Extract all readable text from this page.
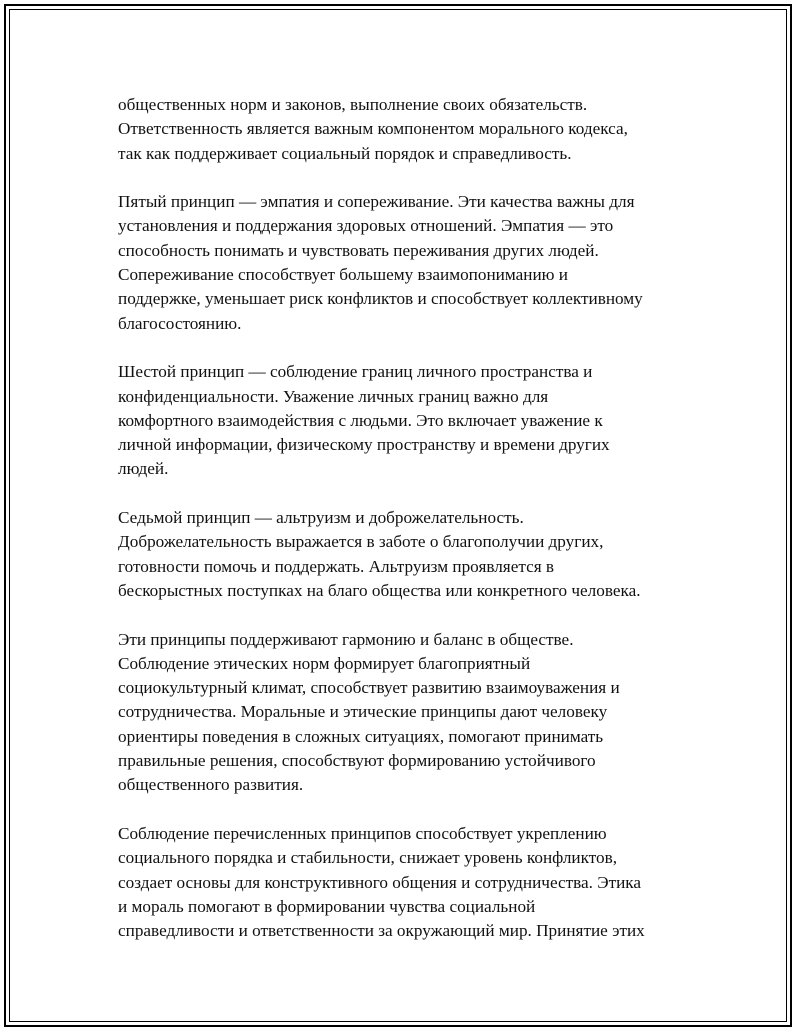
общественных норм и законов, выполнение своих обязательств.
Ответственность является важным компонентом морального кодекса,
так как поддерживает социальный порядок и справедливость.

Пятый принцип — эмпатия и сопереживание. Эти качества важны для
установления и поддержания здоровых отношений. Эмпатия — это
способность понимать и чувствовать переживания других людей.
Сопереживание способствует большему взаимопониманию и
поддержке, уменьшает риск конфликтов и способствует коллективному
благосостоянию.

Шестой принцип — соблюдение границ личного пространства и
конфиденциальности. Уважение личных границ важно для
комфортного взаимодействия с людьми. Это включает уважение к
личной информации, физическому пространству и времени других
людей.

Седьмой принцип — альтруизм и доброжелательность.
Доброжелательность выражается в заботе о благополучии других,
готовности помочь и поддержать. Альтруизм проявляется в
бескорыстных поступках на благо общества или конкретного человека.

Эти принципы поддерживают гармонию и баланс в обществе.
Соблюдение этических норм формирует благоприятный
социокультурный климат, способствует развитию взаимоуважения и
сотрудничества. Моральные и этические принципы дают человеку
ориентиры поведения в сложных ситуациях, помогают принимать
правильные решения, способствуют формированию устойчивого
общественного развития.

Соблюдение перечисленных принципов способствует укреплению
социального порядка и стабильности, снижает уровень конфликтов,
создает основы для конструктивного общения и сотрудничества. Этика
и мораль помогают в формировании чувства социальной
справедливости и ответственности за окружающий мир. Принятие этих
